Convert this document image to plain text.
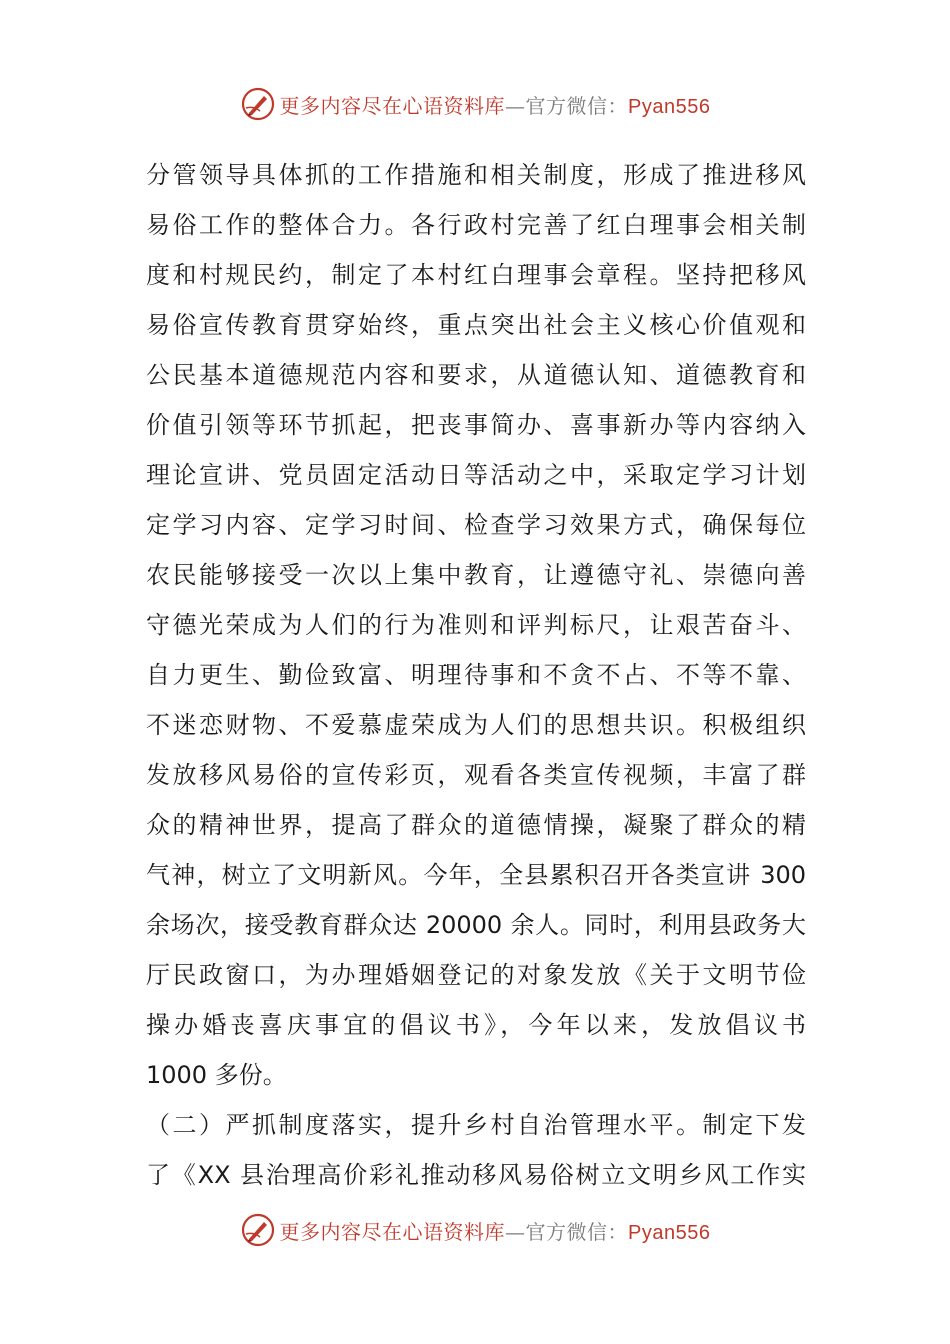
更多内容尽在心语资料库—官方微信：Pyan556
分管领导具体抓的工作措施和相关制度，形成了推进移风
易俗工作的整体合力。各行政村完善了红白理事会相关制
度和村规民约，制定了本村红白理事会章程。坚持把移风
易俗宣传教育贯穿始终，重点突出社会主义核心价值观和
公民基本道德规范内容和要求，从道德认知、道德教育和
价值引领等环节抓起，把丧事简办、喜事新办等内容纳入
理论宣讲、党员固定活动日等活动之中，采取定学习计划
定学习内容、定学习时间、检查学习效果方式，确保每位
农民能够接受一次以上集中教育，让遵德守礼、崇德向善
守德光荣成为人们的行为准则和评判标尺，让艰苦奋斗、
自力更生、勤俭致富、明理待事和不贪不占、不等不靠、
不迷恋财物、不爱慕虚荣成为人们的思想共识。积极组织
发放移风易俗的宣传彩页，观看各类宣传视频，丰富了群
众的精神世界，提高了群众的道德情操，凝聚了群众的精
气神，树立了文明新风。今年，全县累积召开各类宣讲 300
余场次，接受教育群众达 20000 余人。同时，利用县政务大
厅民政窗口，为办理婚姻登记的对象发放《关于文明节俭
操办婚丧喜庆事宜的倡议书》，今年以来，发放倡议书
1000 多份。
（二）严抓制度落实，提升乡村自治管理水平。制定下发
了《XX 县治理高价彩礼推动移风易俗树立文明乡风工作实
更多内容尽在心语资料库—官方微信：Pyan556
